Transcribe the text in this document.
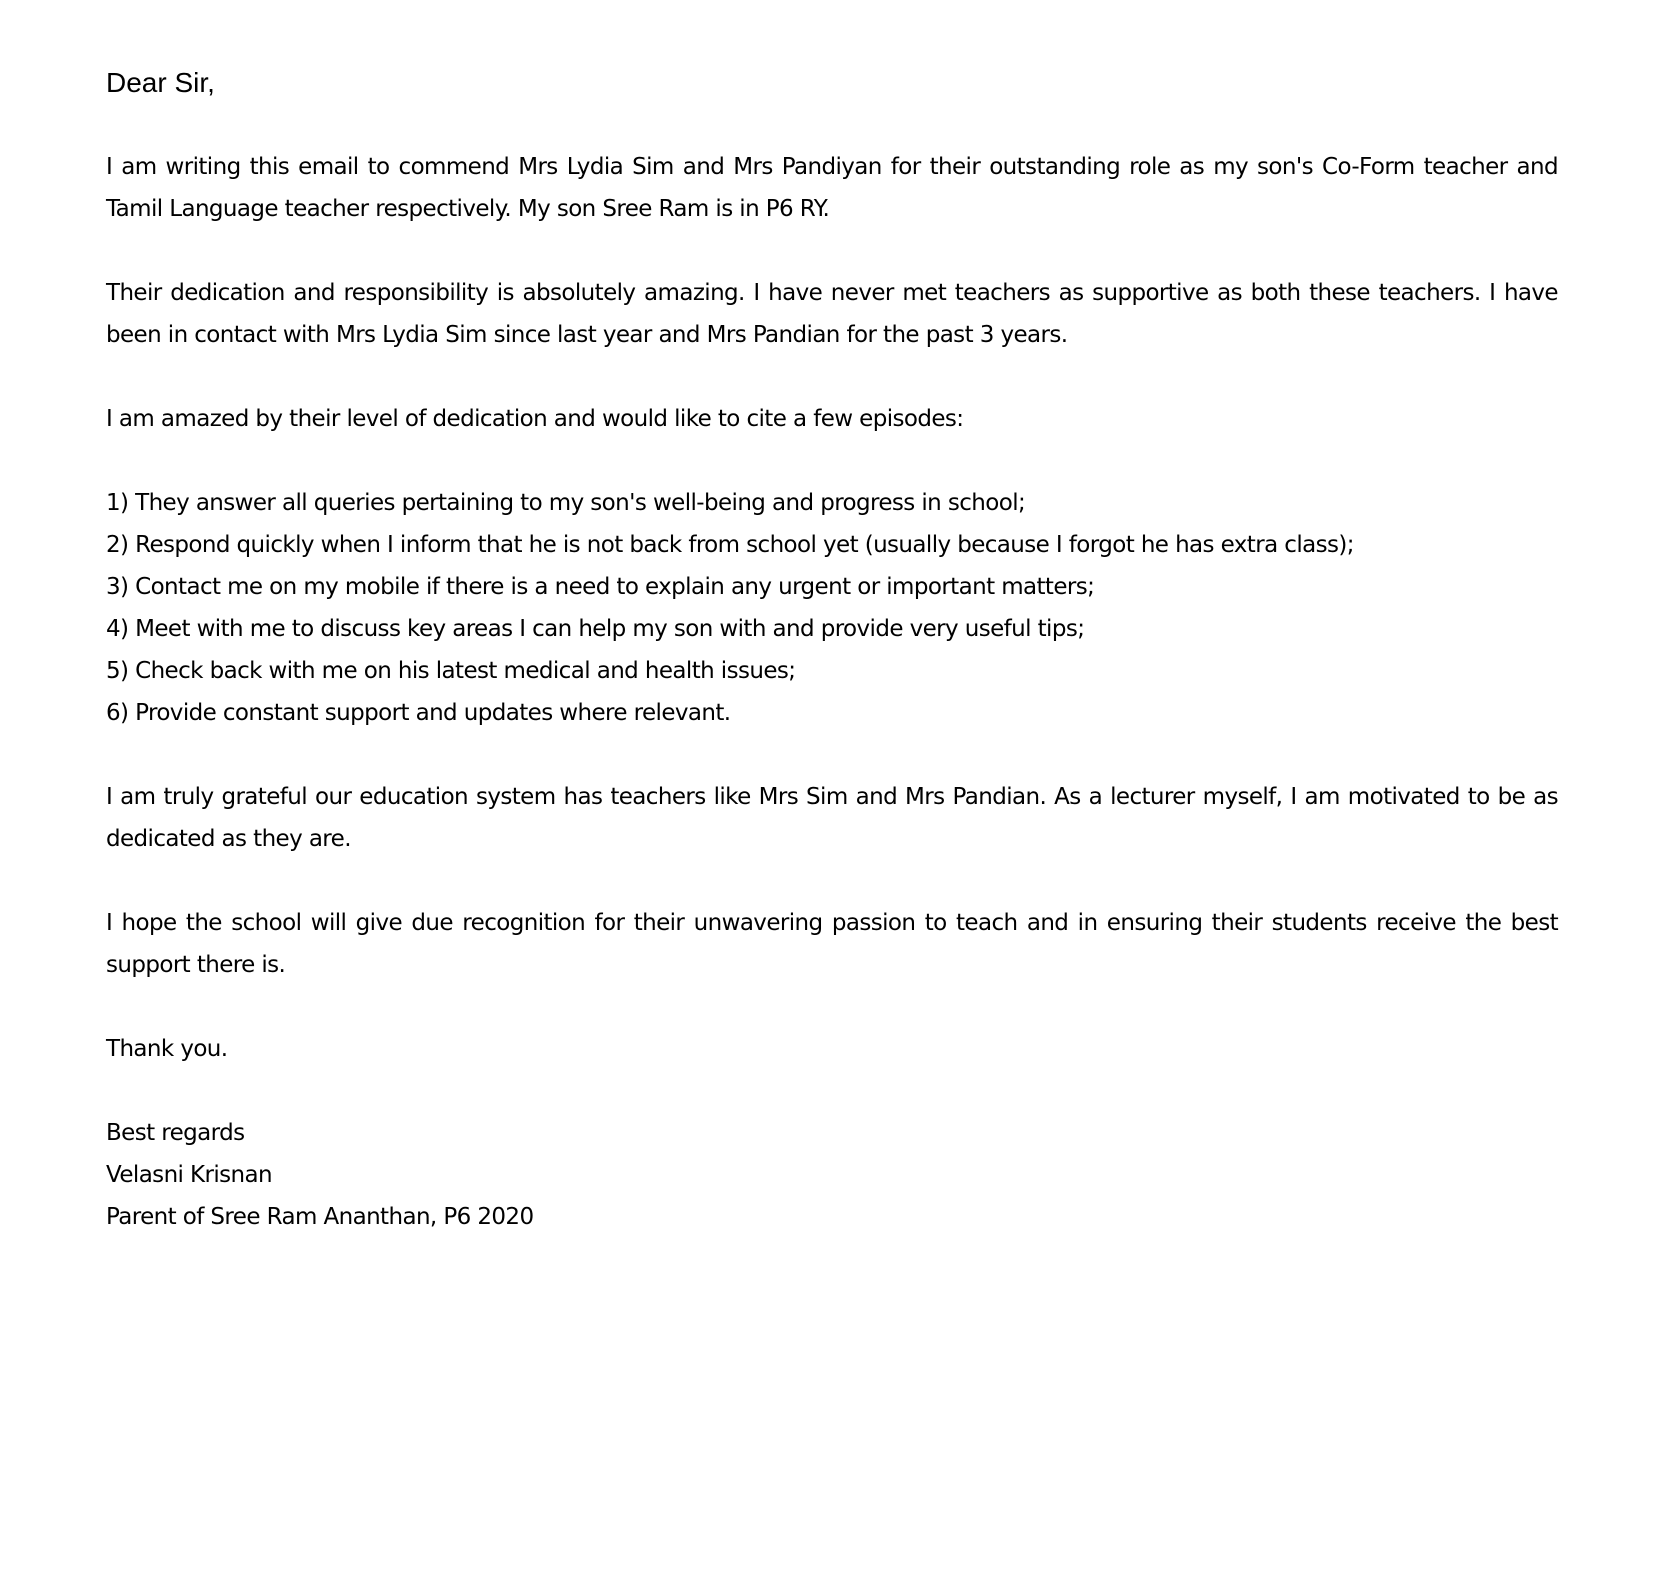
Dear Sir,

I am writing this email to commend Mrs Lydia Sim and Mrs Pandiyan for their outstanding role as my son's Co-Form teacher and Tamil Language teacher respectively. My son Sree Ram is in P6 RY.

Their dedication and responsibility is absolutely amazing. I have never met teachers as supportive as both these teachers. I have been in contact with Mrs Lydia Sim since last year and Mrs Pandian for the past 3 years.

I am amazed by their level of dedication and would like to cite a few episodes:

1) They answer all queries pertaining to my son's well-being and progress in school;
2) Respond quickly when I inform that he is not back from school yet (usually because I forgot he has extra class);
3) Contact me on my mobile if there is a need to explain any urgent or important matters;
4) Meet with me to discuss key areas I can help my son with and provide very useful tips;
5) Check back with me on his latest medical and health issues;
6) Provide constant support and updates where relevant.

I am truly grateful our education system has teachers like Mrs Sim and Mrs Pandian. As a lecturer myself, I am motivated to be as dedicated as they are.

I hope the school will give due recognition for their unwavering passion to teach and in ensuring their students receive the best support there is.

Thank you.

Best regards
Velasni Krisnan
Parent of Sree Ram Ananthan, P6 2020
